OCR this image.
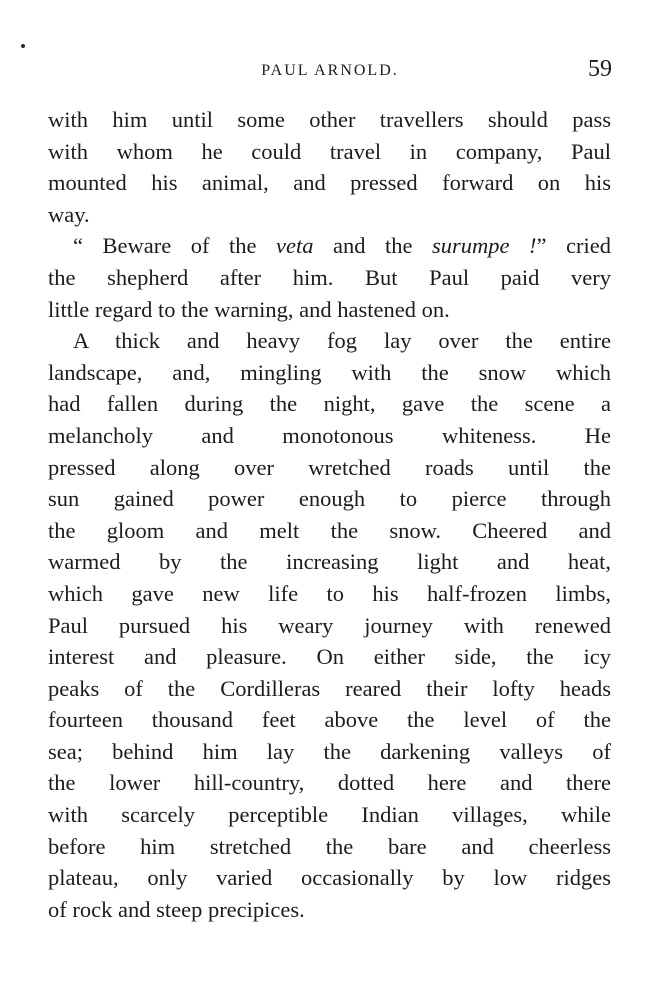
PAUL ARNOLD.	59
with him until some other travellers should pass
with whom he could travel in company, Paul
mounted his animal, and pressed forward on his
way.
“ Beware of the veta and the surumpe !” cried
the shepherd after him. But Paul paid very
little regard to the warning, and hastened on.
A thick and heavy fog lay over the entire
landscape, and, mingling with the snow which
had fallen during the night, gave the scene a
melancholy and monotonous whiteness. He
pressed along over wretched roads until the
sun gained power enough to pierce through
the gloom and melt the snow. Cheered and
warmed by the increasing light and heat,
which gave new life to his half-frozen limbs,
Paul pursued his weary journey with renewed
interest and pleasure. On either side, the icy
peaks of the Cordilleras reared their lofty heads
fourteen thousand feet above the level of the
sea; behind him lay the darkening valleys of
the lower hill-country, dotted here and there
with scarcely perceptible Indian villages, while
before him stretched the bare and cheerless
plateau, only varied occasionally by low ridges
of rock and steep precipices.
